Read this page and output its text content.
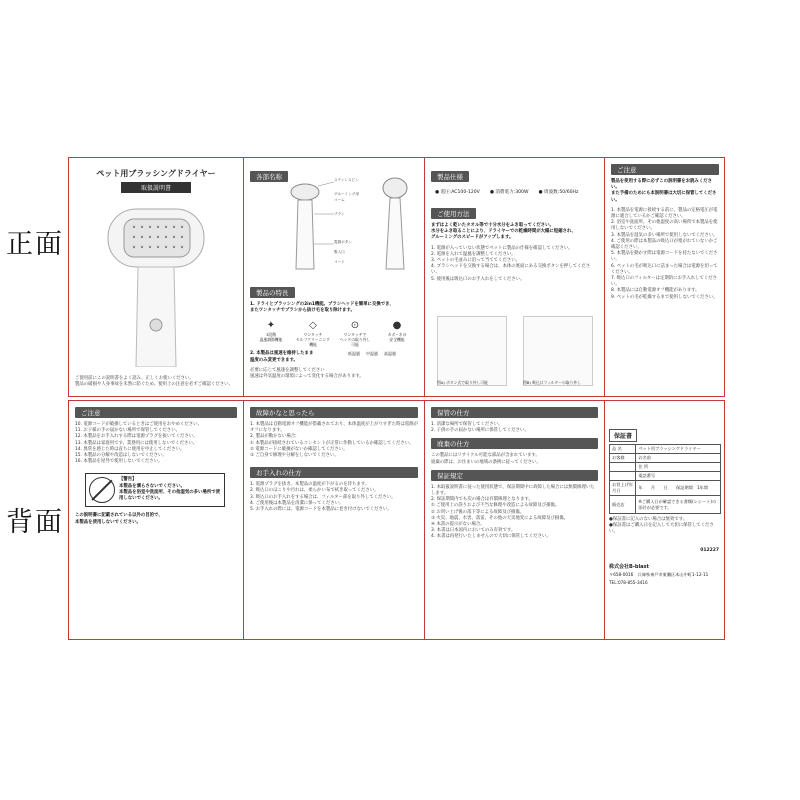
正面
背面
ペット用ブラッシングドライヤー
取扱説明書
ご使用前にこの説明書をよく読み、正しくお使いください。
製品の破損や人身事故を未然に防ぐため、使用上の注意を必ずご確認ください。
各部名称	ステンレスピン
グルーミング用
コーム
ブラシ
電源ボタン
吸入口
コード
製品の特長
1. ドライとブラッシングの2in1機能。ブラシヘッドを簡単に交換でき、
またワンタッチでブラシから抜け毛を取り除けます。
✦
3段階
温風調節機能
◇
ワンタッチ
セルフクリーニング機能
⊙
ワンタッチで
ヘッドの取り外し可能
●
カボーネの
安全機能
2. 本製品は風速を維持したまま
温度のみ変更できます。
低温風 中温風 高温風
必要に応じて風速を調整してください
風速は外気温度の環境によって変化する場合があります。
製品仕様
● 電圧:AC100-120V ● 消費電力:300W ● 周波数:50/60Hz
ご使用方法
まずはよく乾いたタオル等で十分水分をふき取ってください。
水分をふき取ることにより、ドライヤーでの乾燥時間が大幅に短縮され、
グルーミングのスピードがアップします。
1. 電源が入っていない状態でペットに製品の仕様を確認してください。
2. 電源を入れて温風を調整してください。
3. ペットの毛並みに沿って当ててください。
4. ブラシヘッドを交換する場合は、本体の底面にある交換ボタンを押してください。
5. 使用後は吸込口のお手入れをしてください。
図A) ボタン式で取り外し可能	図B) 吸込口フィルターの取り外し
ご注意
製品を使用する際に必ずこの説明書をお読みください。
また予備のためにも本説明書は大切に保管してください。
1. 本製品を電源に接続する前に、製品の定格電圧が電源に適合しているかご確認ください。
2. 浴室や洗面所、その他湿度の高い場所で本製品を使用しないでください。
3. 本製品を湿気の多い場所で使用しないでください。
4. ご使用の際は本製品の吸込口が塞がれていないかご確認ください。
5. 本製品を動かす際は電源コードを持たないでください。
6. ペットの毛が吸込口に詰まった場合は電源を切ってください。
7. 吸込口のフィルターは定期的にお手入れしてください。
8. 本製品には自動電源オフ機能があります。
9. ペットの毛が乾燥するまで使用しないでください。
ご注意
10. 電源コードが破損しているときはご使用をおやめください。
11. お子様の手の届かない場所で保管してください。
12. 本製品をお手入れする際は電源プラグを抜いてください。
13. 本製品は家庭用です。業務用には使用しないでください。
14. 異常を感じた時は直ちに使用を中止してください。
15. 本製品の分解や改造はしないでください。
16. 本製品を屋外で使用しないでください。
【警告】
本製品を濡らさないでください。
本製品を浴室や洗面所、その他湿気の多い場所で使用しないでください。
この説明書に記載されている以外の目的で、
本製品を使用しないでください。
故障かなと思ったら
1. 本製品は自動電源オフ機能が搭載されており、本体温度が上がりすぎた時は電源がオフになります。
2. 製品が動かない場合:
① 本製品が接続されているコンセントが正常に作動しているか確認してください。
② 電源コードに破損がないか確認してください。
③ ご自身で修理や分解をしないでください。
お手入れの仕方
1. 電源プラグを抜き、本製品の温度が下がるのを待ちます。
2. 吸込口のほこりや汚れは、柔らかい布で拭き取ってください。
3. 吸込口のお手入れをする場合は、フィルター部を取り外してください。
4. ご使用後は本製品を清潔に保ってください。
5. お手入れの際には、電源コードを本製品に巻き付けないでください。
保管の仕方
1. 清潔な場所で保管してください。
2. 子供の手の届かない場所に保管してください。
廃棄の仕方
この製品にはリサイクル可能な部品が含まれています。
廃棄の際は、お住まいの地域の条例に従ってください。
保証規定
1. 本取扱説明書に従った使用状態で、保証期間中に故障した場合には無償修理いたします。
2. 保証期間内でも次の場合は有償修理となります。
① ご使用上の誤りおよび不当な修理や改造による故障及び損傷。
② お買い上げ後の落下等による故障及び損傷。
③ 火災、地震、水害、落雷、その他の天災地変による故障及び損傷。
④ 本書の提示がない場合。
3. 本書は日本国内においてのみ有効です。
4. 本書は再発行いたしませんので大切に保管してください。
保証書
品 名	ペット用ブラッシングドライヤー
お客様	お名前
	住 所
	電話番号
お買上げ年月日	年　　月　　日　　保証期間　1年間
販売店	※ご購入日が確認できる書類(レシート)の添付が必要です。
●保証書に記入のない場合は無効です。
●保証書はご購入日を記入して大切に保管してください。
012227
株式会社B-blast
〒658-0016　兵庫県神戸市東灘区本山中町1-12-11
TEL:078-855-3416
